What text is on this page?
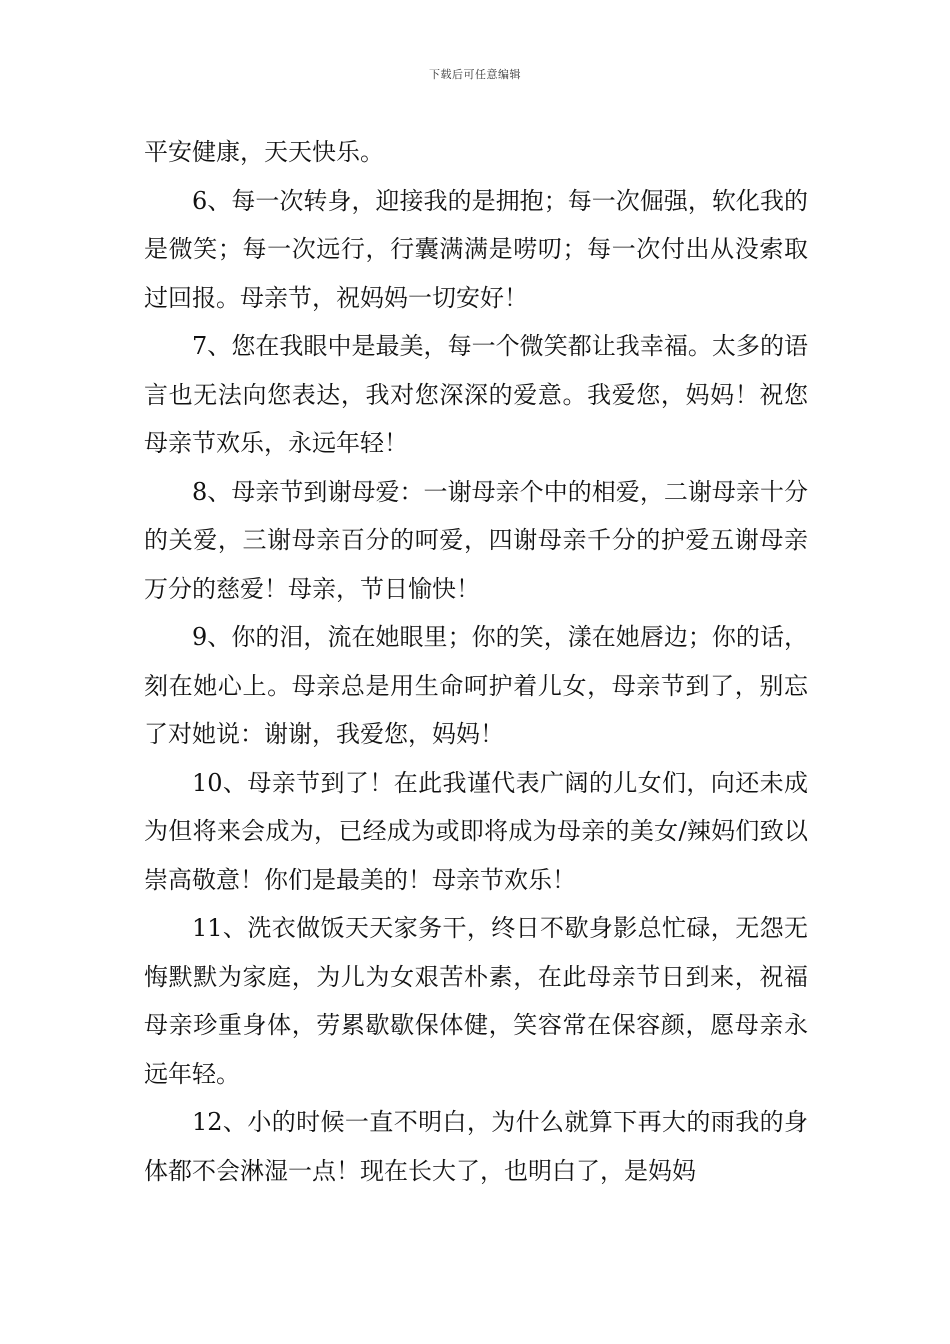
下载后可任意编辑

平安健康，天天快乐。

6、每一次转身，迎接我的是拥抱；每一次倔强，软化我的是微笑；每一次远行，行囊满满是唠叨；每一次付出从没索取过回报。母亲节，祝妈妈一切安好！

7、您在我眼中是最美，每一个微笑都让我幸福。太多的语言也无法向您表达，我对您深深的爱意。我爱您，妈妈！祝您母亲节欢乐，永远年轻！

8、母亲节到谢母爱：一谢母亲个中的相爱，二谢母亲十分的关爱，三谢母亲百分的呵爱，四谢母亲千分的护爱五谢母亲万分的慈爱！母亲，节日愉快！

9、你的泪，流在她眼里；你的笑，漾在她唇边；你的话，刻在她心上。母亲总是用生命呵护着儿女，母亲节到了，别忘了对她说：谢谢，我爱您，妈妈！

10、母亲节到了！在此我谨代表广阔的儿女们，向还未成为但将来会成为，已经成为或即将成为母亲的美女/辣妈们致以崇高敬意！你们是最美的！母亲节欢乐！

11、洗衣做饭天天家务干，终日不歇身影总忙碌，无怨无悔默默为家庭，为儿为女艰苦朴素，在此母亲节日到来，祝福母亲珍重身体，劳累歇歇保体健，笑容常在保容颜，愿母亲永远年轻。

12、小的时候一直不明白，为什么就算下再大的雨我的身体都不会淋湿一点！现在长大了，也明白了，是妈妈
